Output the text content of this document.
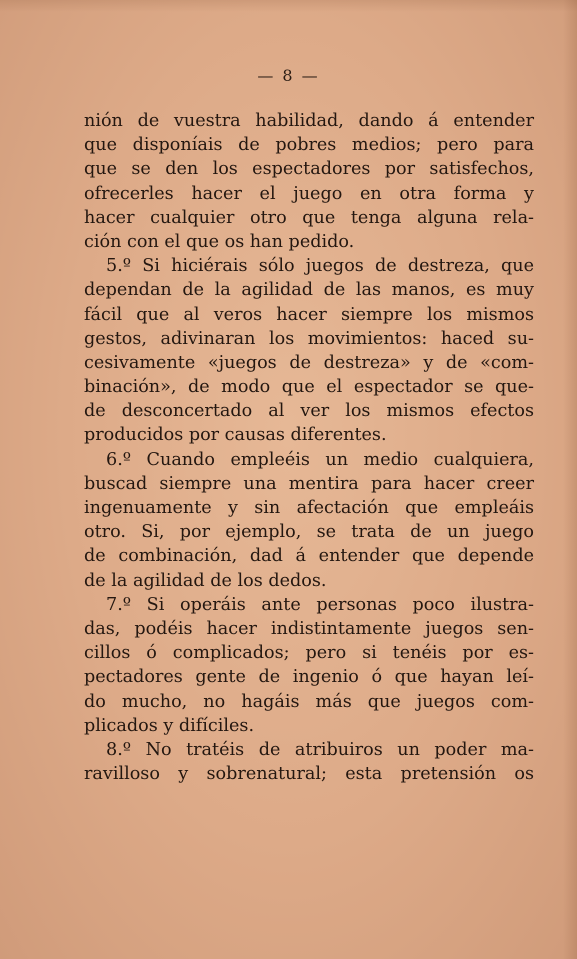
— 8 —
nión de vuestra habilidad, dando á entender
que disponíais de pobres medios; pero para
que se den los espectadores por satisfechos,
ofrecerles hacer el juego en otra forma y
hacer cualquier otro que tenga alguna rela-
ción con el que os han pedido.
5.º Si hiciérais sólo juegos de destreza, que
dependan de la agilidad de las manos, es muy
fácil que al veros hacer siempre los mismos
gestos, adivinaran los movimientos: haced su-
cesivamente «juegos de destreza» y de «com-
binación», de modo que el espectador se que-
de desconcertado al ver los mismos efectos
producidos por causas diferentes.
6.º Cuando empleéis un medio cualquiera,
buscad siempre una mentira para hacer creer
ingenuamente y sin afectación que empleáis
otro. Si, por ejemplo, se trata de un juego
de combinación, dad á entender que depende
de la agilidad de los dedos.
7.º Si operáis ante personas poco ilustra-
das, podéis hacer indistintamente juegos sen-
cillos ó complicados; pero si tenéis por es-
pectadores gente de ingenio ó que hayan leí-
do mucho, no hagáis más que juegos com-
plicados y difíciles.
8.º No tratéis de atribuiros un poder ma-
ravilloso y sobrenatural; esta pretensión os
